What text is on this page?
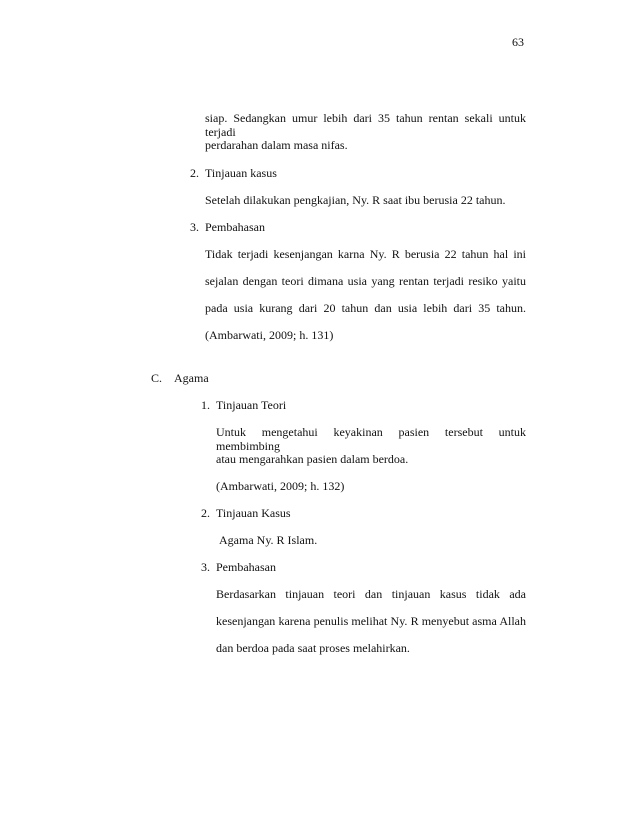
63
siap. Sedangkan umur lebih dari 35 tahun rentan sekali untuk terjadi
perdarahan dalam masa nifas.
2. Tinjauan kasus
Setelah dilakukan pengkajian, Ny. R saat ibu berusia 22 tahun.
3. Pembahasan
Tidak terjadi kesenjangan karna Ny. R berusia 22 tahun hal ini
sejalan dengan teori dimana usia yang rentan terjadi resiko yaitu
pada usia kurang dari 20 tahun dan usia lebih dari 35 tahun.
(Ambarwati, 2009; h. 131)
C. Agama
1. Tinjauan Teori
Untuk mengetahui keyakinan pasien tersebut untuk membimbing
atau mengarahkan pasien dalam berdoa.
(Ambarwati, 2009; h. 132)
2. Tinjauan Kasus
Agama Ny. R Islam.
3. Pembahasan
Berdasarkan tinjauan teori dan tinjauan kasus tidak ada
kesenjangan karena penulis melihat Ny. R menyebut asma Allah
dan berdoa pada saat proses melahirkan.
